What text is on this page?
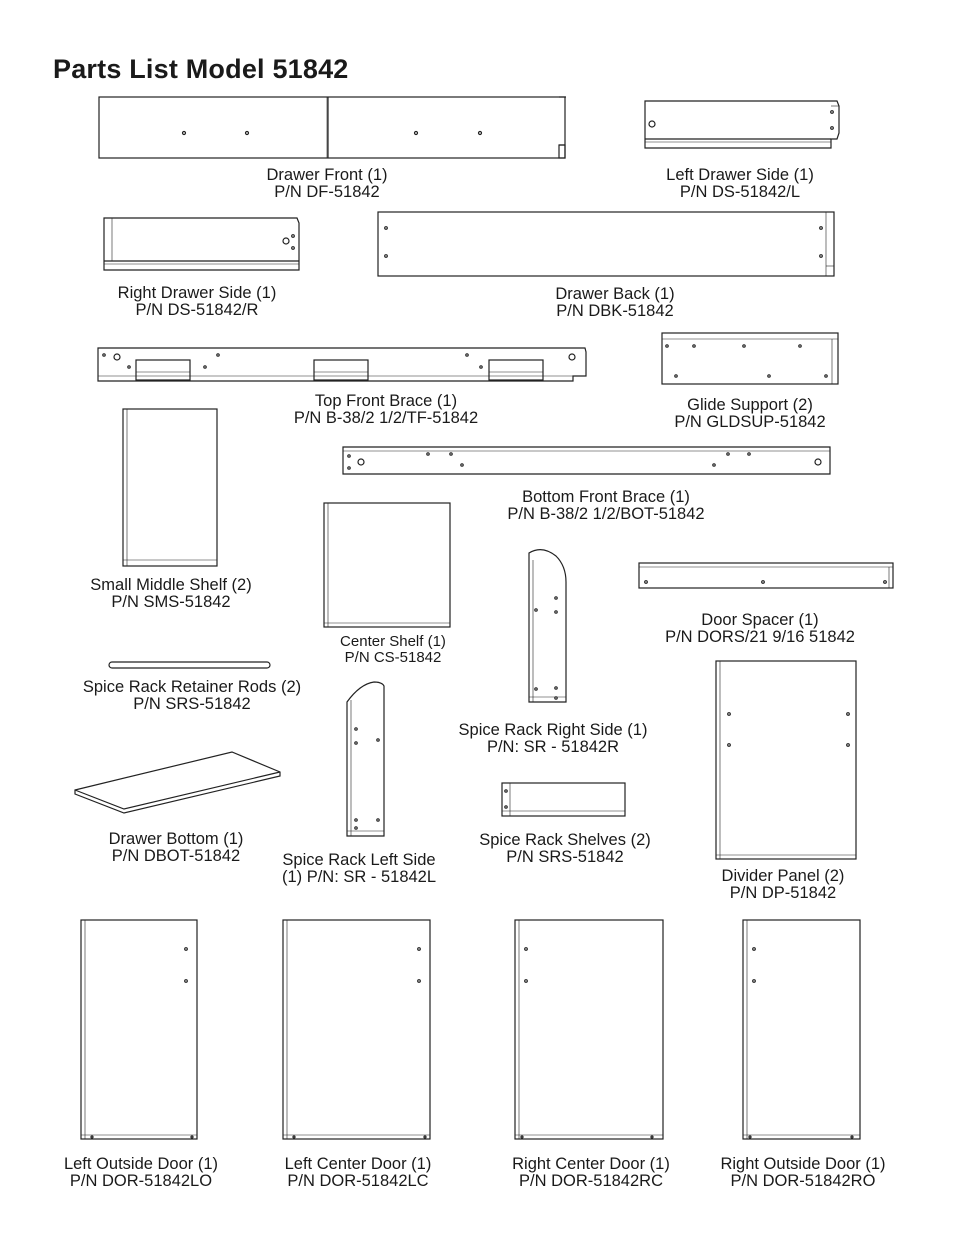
Parts List Model 51842
Drawer Front (1)
P/N DF-51842
Left Drawer Side (1)
P/N DS-51842/L
Right Drawer Side (1)
P/N DS-51842/R
Drawer Back (1)
P/N DBK-51842
Top Front Brace (1)
P/N B-38/2 1/2/TF-51842
Glide Support (2)
P/N GLDSUP-51842
Bottom Front Brace (1)
P/N B-38/2 1/2/BOT-51842
Small Middle Shelf (2)
P/N SMS-51842
Center Shelf (1)
P/N CS-51842
Door Spacer (1)
P/N DORS/21 9/16 51842
Spice Rack Retainer Rods (2)
P/N SRS-51842
Spice Rack Right Side (1)
P/N: SR - 51842R
Drawer Bottom (1)
P/N DBOT-51842
Spice Rack Shelves (2)
P/N SRS-51842
Spice Rack Left Side
(1) P/N: SR - 51842L	Divider Panel (2)
P/N DP-51842
Left Outside Door (1)
P/N DOR-51842LO
Left Center Door (1)
P/N DOR-51842LC
Right Center Door (1)
P/N DOR-51842RC
Right Outside Door (1)
P/N DOR-51842RO
